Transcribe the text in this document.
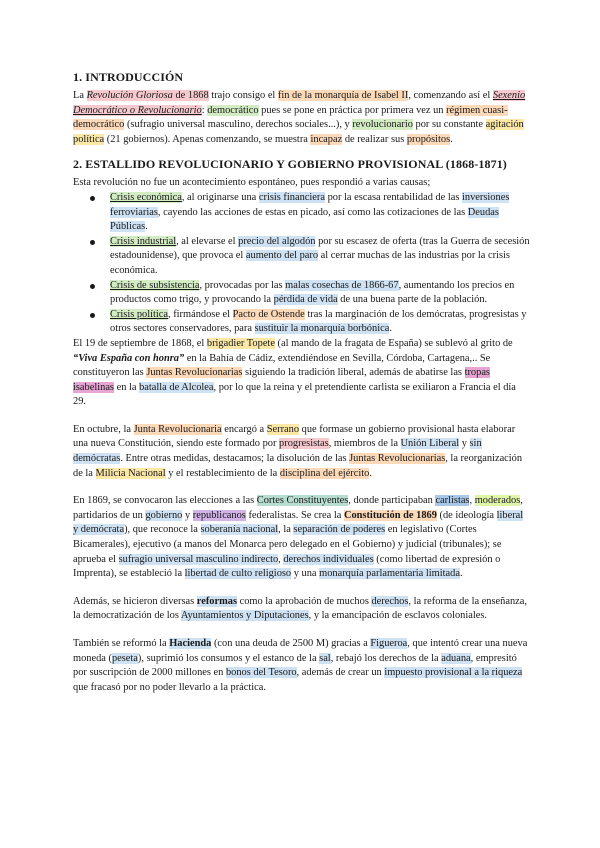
1. INTRODUCCIÓN

La Revolución Gloriosa de 1868 trajo consigo el fin de la monarquía de Isabel II, comenzando así el Sexenio Democrático o Revolucionario: democrático pues se pone en práctica por primera vez un régimen cuasi-democrático (sufragio universal masculino, derechos sociales...), y revolucionario por su constante agitación política (21 gobiernos). Apenas comenzando, se muestra incapaz de realizar sus propósitos.

2. ESTALLIDO REVOLUCIONARIO Y GOBIERNO PROVISIONAL (1868-1871)

Esta revolución no fue un acontecimiento espontáneo, pues respondió a varias causas;

Crisis económica, al originarse una crisis financiera por la escasa rentabilidad de las inversiones ferroviarias, cayendo las acciones de estas en picado, así como las cotizaciones de las Deudas Públicas.
Crisis industrial, al elevarse el precio del algodón por su escasez de oferta (tras la Guerra de secesión estadounidense), que provoca el aumento del paro al cerrar muchas de las industrias por la crisis económica.
Crisis de subsistencia, provocadas por las malas cosechas de 1866-67, aumentando los precios en productos como trigo, y provocando la pérdida de vida de una buena parte de la población.
Crisis política, firmándose el Pacto de Ostende tras la marginación de los demócratas, progresistas y otros sectores conservadores, para sustituir la monarquía borbónica.

El 19 de septiembre de 1868, el brigadier Topete (al mando de la fragata de España) se sublevó al grito de “Viva España con honra” en la Bahía de Cádiz, extendiéndose en Sevilla, Córdoba, Cartagena,.. Se constituyeron las Juntas Revolucionarias siguiendo la tradición liberal, además de abatirse las tropas isabelinas en la batalla de Alcolea, por lo que la reina y el pretendiente carlista se exiliaron a Francia el día 29.

En octubre, la Junta Revolucionaria encargó a Serrano que formase un gobierno provisional hasta elaborar una nueva Constitución, siendo este formado por progresistas, miembros de la Unión Liberal y sin demócratas. Entre otras medidas, destacamos; la disolución de las Juntas Revolucionarias, la reorganización de la Milicia Nacional y el restablecimiento de la disciplina del ejército.

En 1869, se convocaron las elecciones a las Cortes Constituyentes, donde participaban carlistas, moderados, partidarios de un gobierno y republicanos federalistas. Se crea la Constitución de 1869 (de ideología liberal y demócrata), que reconoce la soberanía nacional, la separación de poderes en legislativo (Cortes Bicamerales), ejecutivo (a manos del Monarca pero delegado en el Gobierno) y judicial (tribunales); se aprueba el sufragio universal masculino indirecto, derechos individuales (como libertad de expresión o Imprenta), se estableció la libertad de culto religioso y una monarquía parlamentaria limitada.

Además, se hicieron diversas reformas como la aprobación de muchos derechos, la reforma de la enseñanza, la democratización de los Ayuntamientos y Diputaciones, y la emancipación de esclavos coloniales.

También se reformó la Hacienda (con una deuda de 2500 M) gracias a Figueroa, que intentó crear una nueva moneda (peseta), suprimió los consumos y el estanco de la sal, rebajó los derechos de la aduana, empresitó por suscripción de 2000 millones en bonos del Tesoro, además de crear un impuesto provisional a la riqueza que fracasó por no poder llevarlo a la práctica.
